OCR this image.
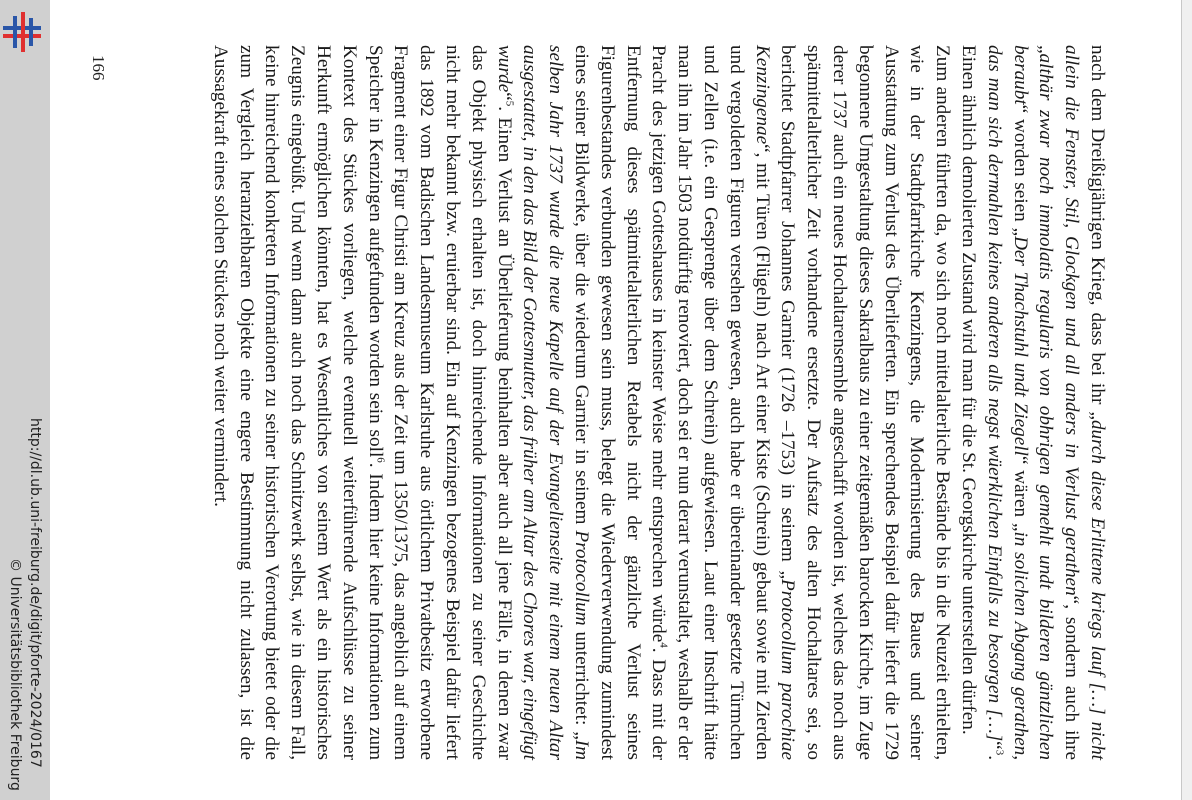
http://dl.ub.uni-freiburg.de/digit/pforte-2024/0167
© Universitätsbibliothek Freiburg

nach dem Dreißigjährigen Krieg, dass bei ihr „durch diese Erlittene kriegs lauf […] nicht allein die Fenster, Stil, Glockgen und all anders in Verlust gerathen“, sondern auch ihre „althär zwar noch immolatis regularis von obhrigen gemehlt undt bilderen gäntzlichen beraubt“ worden seien „Der Thachstuhl undt Ziegell“ wären „in solichen Abgang gerathen, das man sich dermahlen keines anderen alls negst wüerklichen Einfalls zu besorgen […]“$^3$. Einen ähnlich demolierten Zustand wird man für die St. Georgskirche unterstellen dürfen.

Zum anderen führten da, wo sich noch mittelalterliche Bestände bis in die Neuzeit erhielten, wie in der Stadtpfarrkirche Kenzingens, die Modernisierung des Baues und seiner Ausstattung zum Verlust des Überlieferten. Ein sprechendes Beispiel dafür liefert die 1729 begonnene Umgestaltung dieses Sakralbaus zu einer zeitgemäßen barocken Kirche, im Zuge derer 1737 auch ein neues Hochaltarensemble angeschafft worden ist, welches das noch aus spätmittelalterlicher Zeit vorhandene ersetzte. Der Aufsatz des alten Hochaltares sei, so berichtet Stadtpfarrer Johannes Garnier (1726 –1753) in seinem „Protocollum parochiae Kenzingenae“, mit Türen (Flügeln) nach Art einer Kiste (Schrein) gebaut sowie mit Zierden und vergoldeten Figuren versehen gewesen, auch habe er übereinander gesetzte Türmchen und Zellen (i.e. ein Gesprenge über dem Schrein) aufgewiesen. Laut einer Inschrift hätte man ihn im Jahr 1503 notdürftig renoviert, doch sei er nun derart verunstaltet, weshalb er der Pracht des jetzigen Gotteshauses in keinster Weise mehr entsprechen würde$^4$. Dass mit der Entfernung dieses spätmittelalterlichen Retabels nicht der gänzliche Verlust seines Figurenbestandes verbunden gewesen sein muss, belegt die Wiederverwendung zumindest eines seiner Bildwerke, über die wiederum Garnier in seinem Protocollum unterrichtet: „Im selben Jahr 1737 wurde die neue Kapelle auf der Evangelienseite mit einem neuen Altar ausgestattet, in den das Bild der Gottesmutter, das früher am Altar des Chores war, eingefügt wurde“$^5$. Einen Verlust an Überlieferung beinhalten aber auch all jene Fälle, in denen zwar das Objekt physisch erhalten ist, doch hinreichende Informationen zu seiner Geschichte nicht mehr bekannt bzw. eruierbar sind. Ein auf Kenzingen bezogenes Beispiel dafür liefert das 1892 vom Badischen Landesmuseum Karlsruhe aus örtlichem Privatbesitz erworbene Fragment einer Figur Christi am Kreuz aus der Zeit um 1350/1375, das angeblich auf einem Speicher in Kenzingen aufgefunden worden sein soll$^6$. Indem hier keine Informationen zum Kontext des Stückes vorliegen, welche eventuell weiterführende Aufschlüsse zu seiner Herkunft ermöglichen könnten, hat es Wesentliches von seinem Wert als ein historisches Zeugnis eingebüßt. Und wenn dann auch noch das Schnitzwerk selbst, wie in diesem Fall, keine hinreichend konkreten Informationen zu seiner historischen Verortung bietet oder die zum Vergleich heranziehbaren Objekte eine engere Bestimmung nicht zulassen, ist die Aussagekraft eines solchen Stückes noch weiter vermindert.

166
